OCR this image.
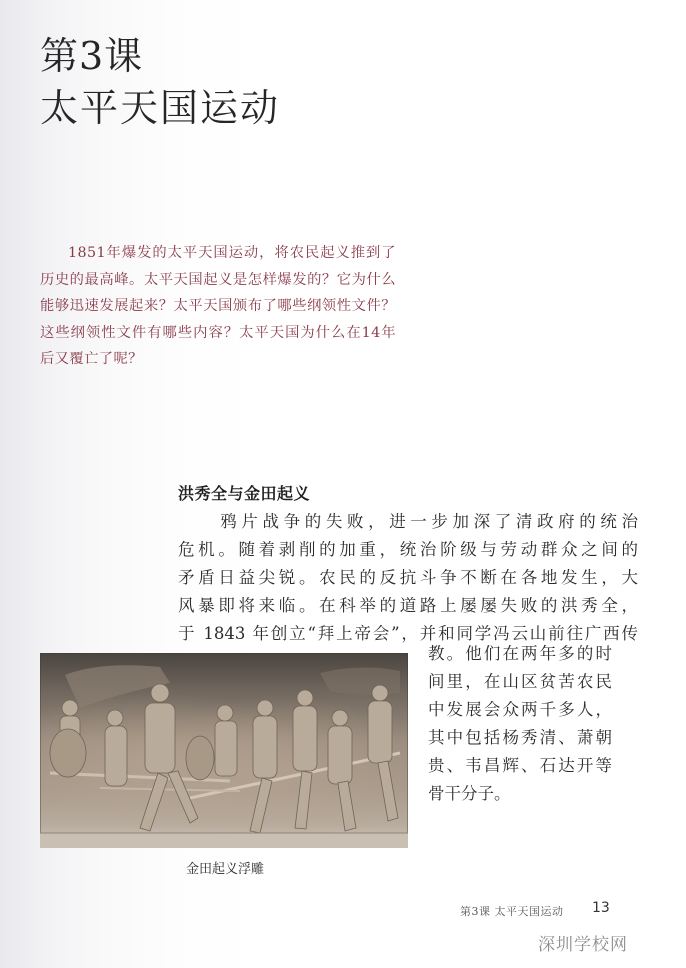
第3课
太平天国运动

1851年爆发的太平天国运动，将农民起义推到了历史的最高峰。太平天国起义是怎样爆发的？它为什么能够迅速发展起来？太平天国颁布了哪些纲领性文件？这些纲领性文件有哪些内容？太平天国为什么在14年后又覆亡了呢？

洪秀全与金田起义
　　鸦片战争的失败，进一步加深了清政府的统治
危机。随着剥削的加重，统治阶级与劳动群众之间的
矛盾日益尖锐。农民的反抗斗争不断在各地发生，大
风暴即将来临。在科举的道路上屡屡失败的洪秀全，
于 1843 年创立“拜上帝会”，并和同学冯云山前往广西传
教。他们在两年多的时
间里，在山区贫苦农民
中发展会众两千多人，
其中包括杨秀清、萧朝
贵、韦昌辉、石达开等
骨干分子。
金田起义浮雕
第3课 太平天国运动 13
深圳学校网
